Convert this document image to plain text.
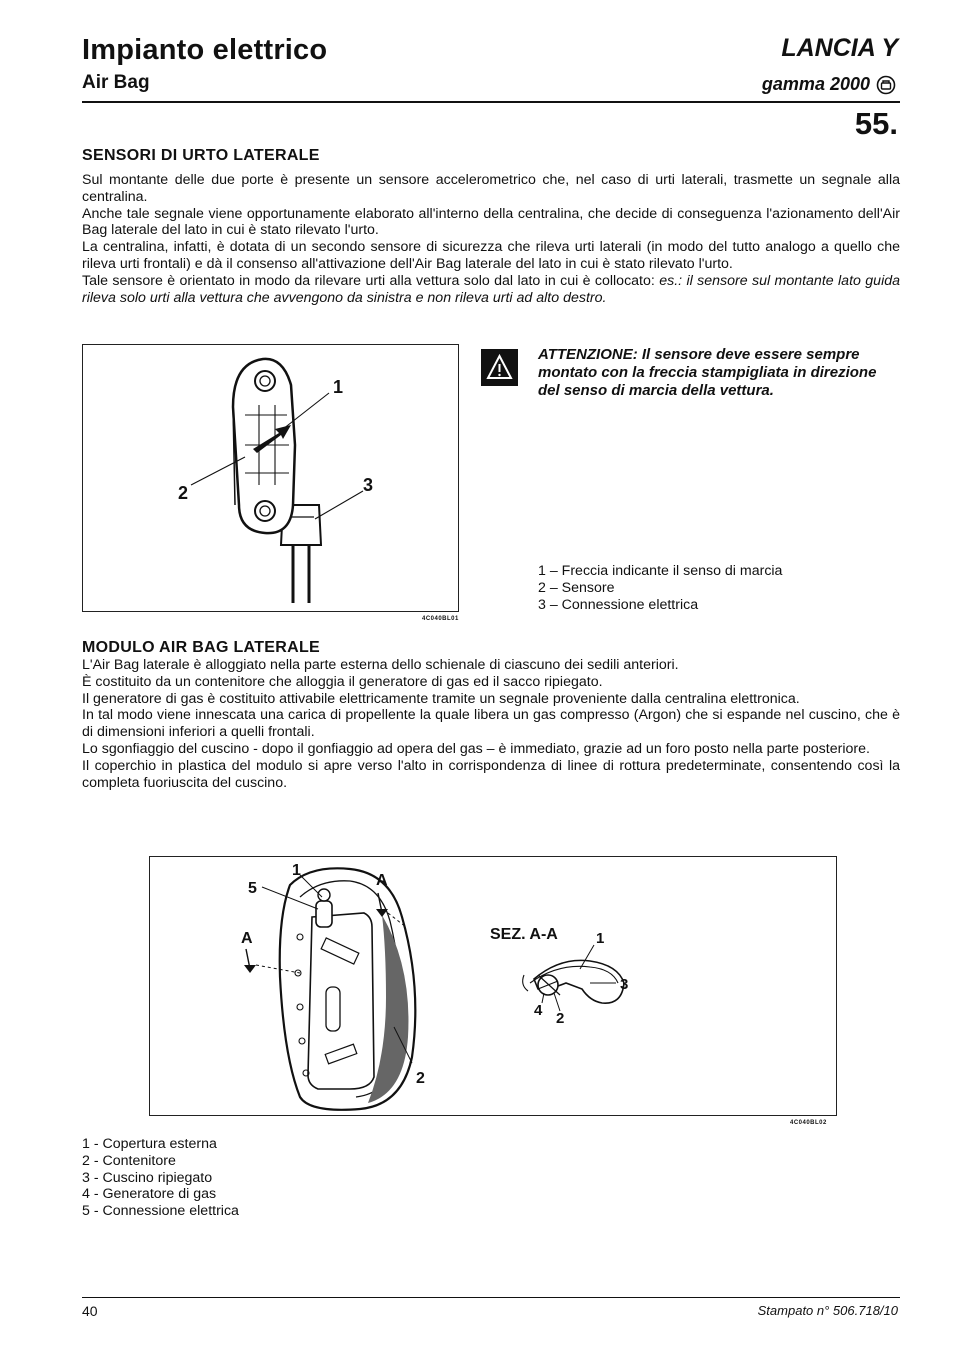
Impianto elettrico
Air Bag
LANCIA Y
gamma 2000
55.
SENSORI DI URTO LATERALE

Sul montante delle due porte è presente un sensore accelerometrico che, nel caso di urti laterali, trasmette un segnale alla centralina.

Anche tale segnale viene opportunamente elaborato all'interno della centralina, che decide di conseguenza l'azionamento dell'Air Bag laterale del lato in cui è stato rilevato l'urto.

La centralina, infatti, è dotata di un secondo sensore di sicurezza che rileva urti laterali (in modo del tutto analogo a quello che rileva urti frontali) e dà il consenso all'attivazione dell'Air Bag laterale del lato in cui è stato rilevato l'urto.

Tale sensore è orientato in modo da rilevare urti alla vettura solo dal lato in cui è collocato: es.: il sensore sul montante lato guida rileva solo urti alla vettura che avvengono da sinistra e non rileva urti ad alto destro.

1
2	3
4C040BL01
ATTENZIONE: Il sensore deve essere sempre montato con la freccia stampigliata in direzione del senso di marcia della vettura.
1 – Freccia indicante il senso di marcia
2 – Sensore
3 – Connessione elettrica
MODULO AIR BAG LATERALE

L'Air Bag laterale è alloggiato nella parte esterna dello schienale di ciascuno dei sedili anteriori.

È costituito da un contenitore che alloggia il generatore di gas ed il sacco ripiegato.

Il generatore di gas è costituito attivabile elettricamente tramite un segnale proveniente dalla centralina elettronica.

In tal modo viene innescata una carica di propellente la quale libera un gas compresso (Argon) che si espande nel cuscino, che è di dimensioni inferiori a quelli frontali.

Lo sgonfiaggio del cuscino - dopo il gonfiaggio ad opera del gas – è immediato, grazie ad un foro posto nella parte posteriore.

Il coperchio in plastica del modulo si apre verso l'alto in corrispondenza di linee di rottura predeterminate, consentendo così la completa fuoriuscita del cuscino.

1
5	A
A
2
SEZ. A-A	1
3
4 2
4C040BL02
1 - Copertura esterna
2 - Contenitore
3 - Cuscino ripiegato
4 - Generatore di gas
5 - Connessione elettrica
40	Stampato n° 506.718/10
